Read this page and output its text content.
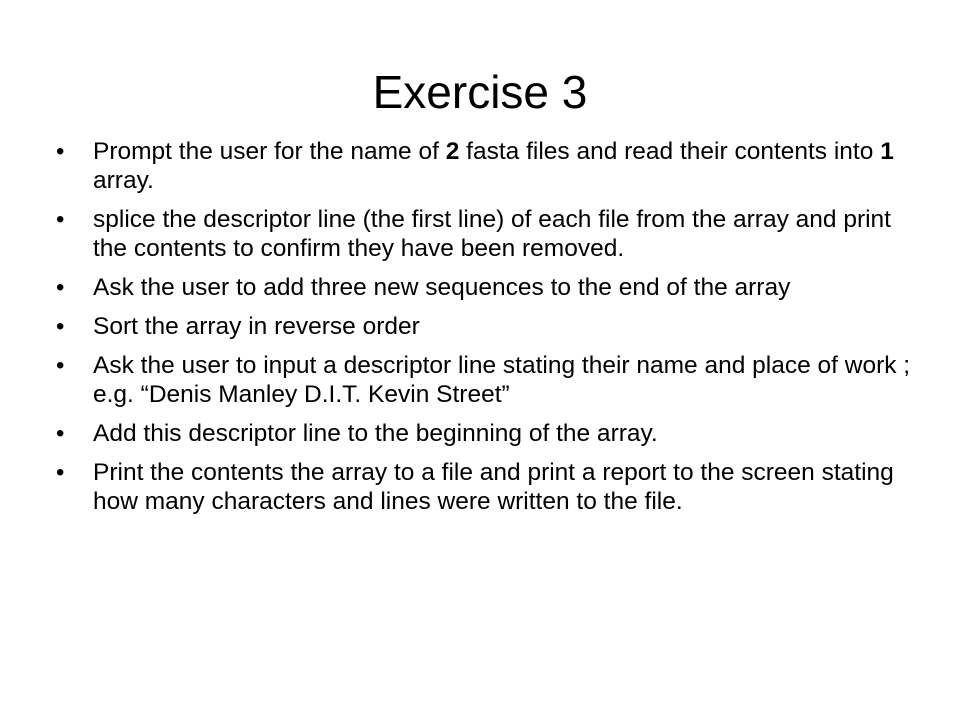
Exercise 3
•	Prompt the user for the name of 2 fasta files and read their contents into 1 array.
•	splice the descriptor line (the first line) of each file from the array and print the contents to confirm they have been removed.
•	Ask the user to add three new sequences to the end of the array
•	Sort the array in reverse order
•	Ask the user to input a descriptor line stating their name and place of work ; e.g. “Denis Manley D.I.T. Kevin Street”
•	Add this descriptor line to the beginning of the array.
•	Print the contents the array to a file and print a report to the screen stating how many characters and lines were written to the file.
